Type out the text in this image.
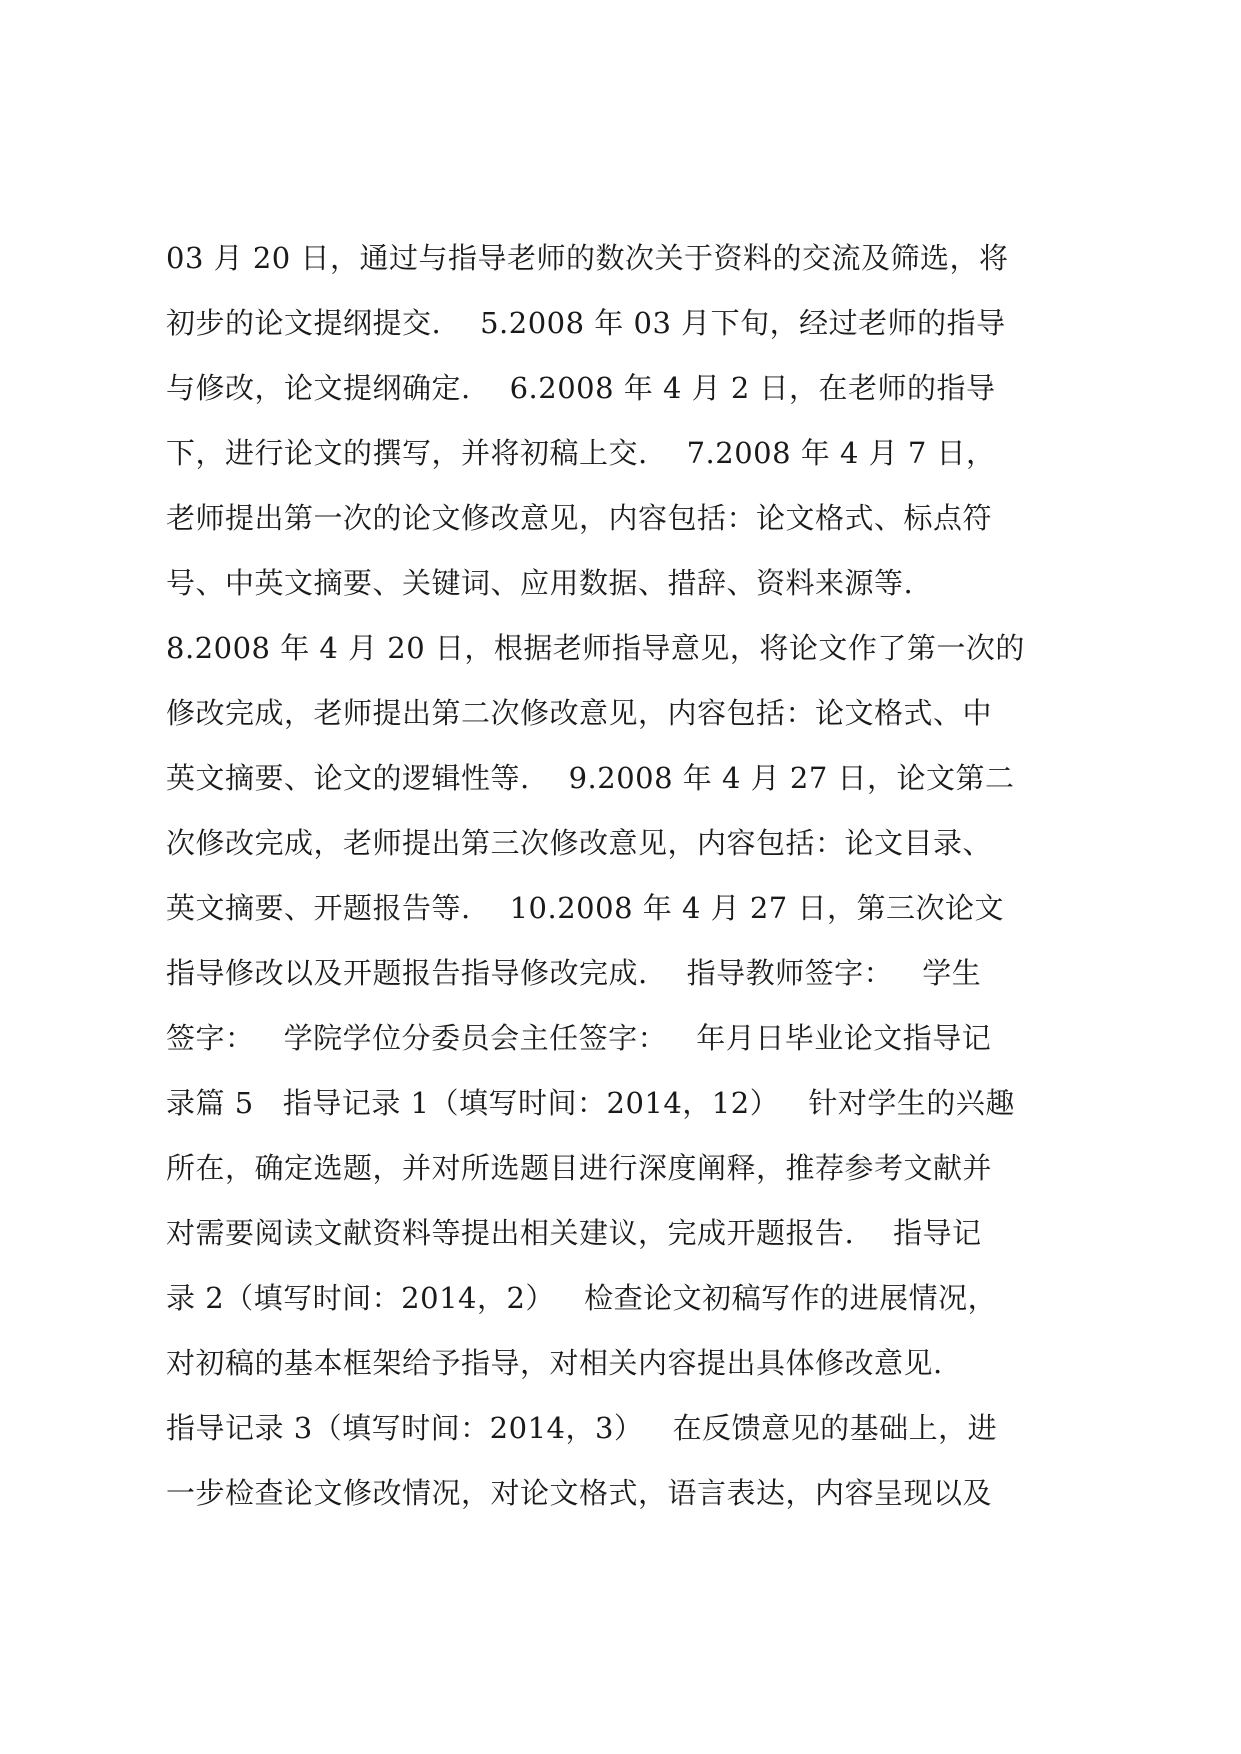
03 月 20 日，通过与指导老师的数次关于资料的交流及筛选，将
初步的论文提纲提交.    5.2008 年 03 月下旬，经过老师的指导
与修改，论文提纲确定.    6.2008 年 4 月 2 日，在老师的指导
下，进行论文的撰写，并将初稿上交.    7.2008 年 4 月 7 日，
老师提出第一次的论文修改意见，内容包括：论文格式、标点符
号、中英文摘要、关键词、应用数据、措辞、资料来源等.
8.2008 年 4 月 20 日，根据老师指导意见，将论文作了第一次的
修改完成，老师提出第二次修改意见，内容包括：论文格式、中
英文摘要、论文的逻辑性等.    9.2008 年 4 月 27 日，论文第二
次修改完成，老师提出第三次修改意见，内容包括：论文目录、
英文摘要、开题报告等.    10.2008 年 4 月 27 日，第三次论文
指导修改以及开题报告指导修改完成.    指导教师签字：   学生
签字：   学院学位分委员会主任签字：   年月日毕业论文指导记
录篇 5   指导记录 1（填写时间：2014，12）   针对学生的兴趣
所在，确定选题，并对所选题目进行深度阐释，推荐参考文献并
对需要阅读文献资料等提出相关建议，完成开题报告.    指导记
录 2（填写时间：2014，2）   检查论文初稿写作的进展情况，
对初稿的基本框架给予指导，对相关内容提出具体修改意见.
指导记录 3（填写时间：2014，3）   在反馈意见的基础上，进
一步检查论文修改情况，对论文格式，语言表达，内容呈现以及
